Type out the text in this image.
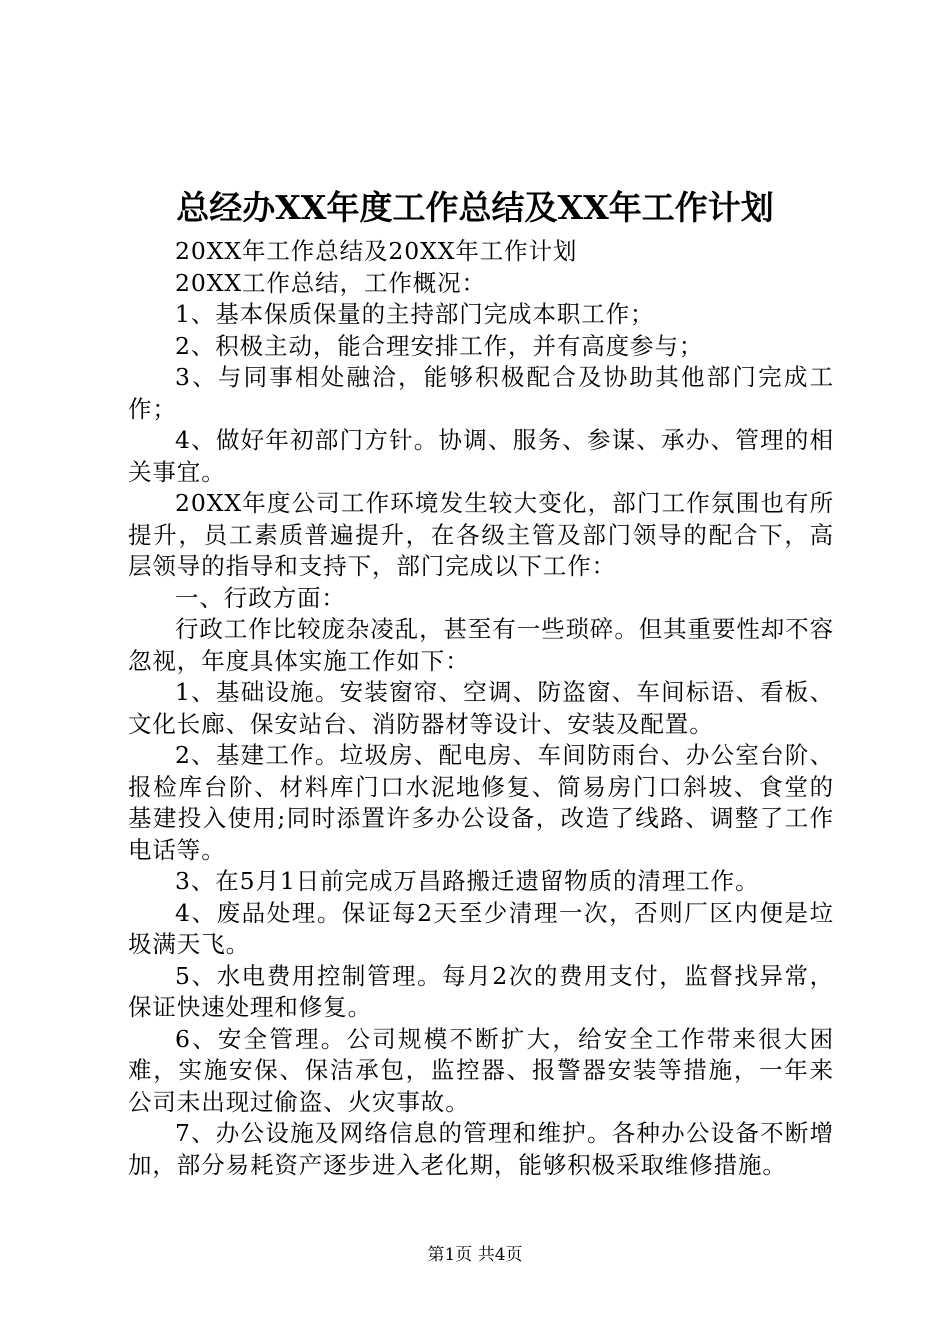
总经办XX年度工作总结及XX年工作计划

20XX年工作总结及20XX年工作计划

20XX工作总结，工作概况：

1、基本保质保量的主持部门完成本职工作；

2、积极主动，能合理安排工作，并有高度参与；

3、与同事相处融洽，能够积极配合及协助其他部门完成工作；

4、做好年初部门方针。协调、服务、参谋、承办、管理的相关事宜。

20XX年度公司工作环境发生较大变化，部门工作氛围也有所提升，员工素质普遍提升，在各级主管及部门领导的配合下，高层领导的指导和支持下，部门完成以下工作：

一、行政方面：

行政工作比较庞杂凌乱，甚至有一些琐碎。但其重要性却不容忽视，年度具体实施工作如下：

1、基础设施。安装窗帘、空调、防盗窗、车间标语、看板、文化长廊、保安站台、消防器材等设计、安装及配置。

2、基建工作。垃圾房、配电房、车间防雨台、办公室台阶、报检库台阶、材料库门口水泥地修复、简易房门口斜坡、食堂的基建投入使用;同时添置许多办公设备，改造了线路、调整了工作电话等。

3、在5月1日前完成万昌路搬迁遗留物质的清理工作。

4、废品处理。保证每2天至少清理一次，否则厂区内便是垃圾满天飞。

5、水电费用控制管理。每月2次的费用支付，监督找异常，保证快速处理和修复。

6、安全管理。公司规模不断扩大，给安全工作带来很大困难，实施安保、保洁承包，监控器、报警器安装等措施，一年来公司未出现过偷盗、火灾事故。

7、办公设施及网络信息的管理和维护。各种办公设备不断增加，部分易耗资产逐步进入老化期，能够积极采取维修措施。

第1页 共4页
